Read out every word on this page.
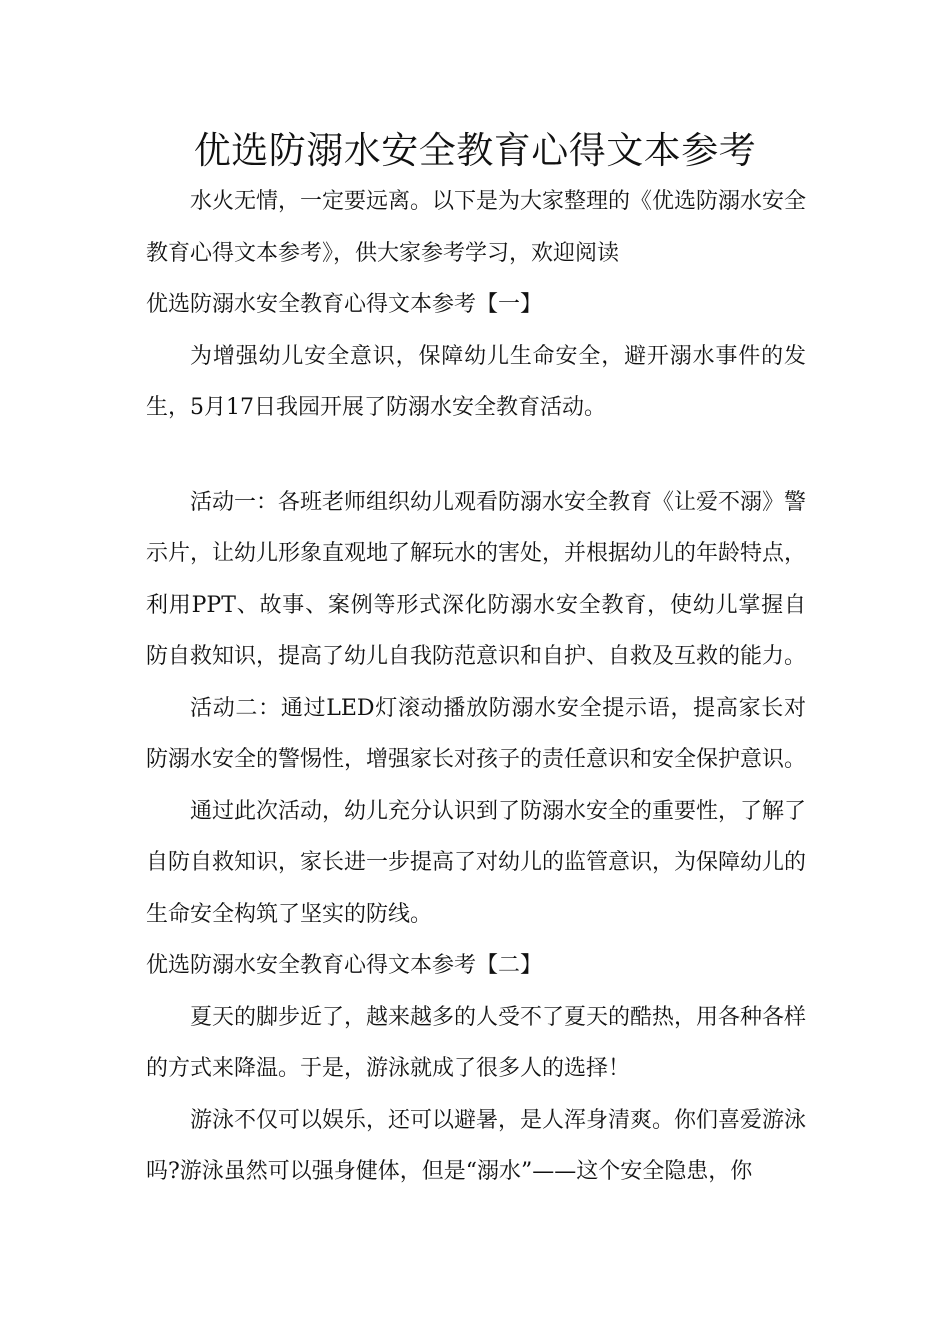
优选防溺水安全教育心得文本参考

水火无情，一定要远离。以下是为大家整理的《优选防溺水安全教育心得文本参考》，供大家参考学习，欢迎阅读

优选防溺水安全教育心得文本参考【一】

为增强幼儿安全意识，保障幼儿生命安全，避开溺水事件的发生，5月17日我园开展了防溺水安全教育活动。

活动一：各班老师组织幼儿观看防溺水安全教育《让爱不溺》警示片，让幼儿形象直观地了解玩水的害处，并根据幼儿的年龄特点，利用PPT、故事、案例等形式深化防溺水安全教育，使幼儿掌握自防自救知识，提高了幼儿自我防范意识和自护、自救及互救的能力。

活动二：通过LED灯滚动播放防溺水安全提示语，提高家长对防溺水安全的警惕性，增强家长对孩子的责任意识和安全保护意识。

通过此次活动，幼儿充分认识到了防溺水安全的重要性，了解了自防自救知识，家长进一步提高了对幼儿的监管意识，为保障幼儿的生命安全构筑了坚实的防线。

优选防溺水安全教育心得文本参考【二】

夏天的脚步近了，越来越多的人受不了夏天的酷热，用各种各样的方式来降温。于是，游泳就成了很多人的选择！

游泳不仅可以娱乐，还可以避暑，是人浑身清爽。你们喜爱游泳吗?游泳虽然可以强身健体，但是“溺水”——这个安全隐患，你
